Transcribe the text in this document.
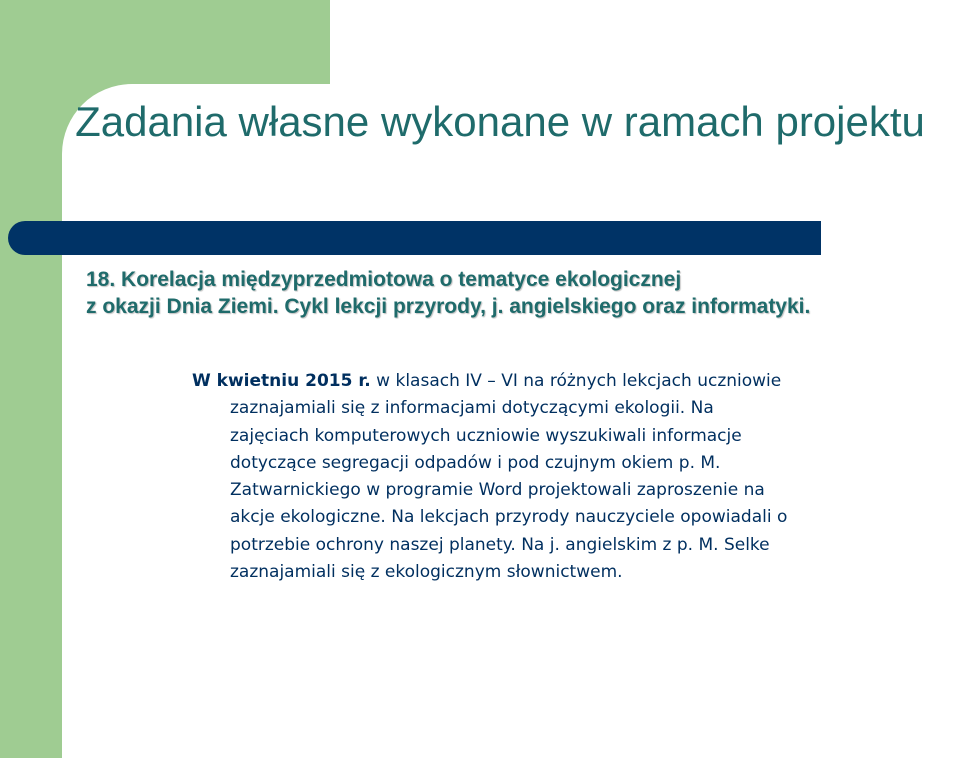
Zadania własne wykonane w ramach projektu
18. Korelacja międzyprzedmiotowa o tematyce ekologicznej
z okazji Dnia Ziemi. Cykl lekcji przyrody, j. angielskiego oraz informatyki.
W kwietniu 2015 r. w klasach IV – VI na różnych lekcjach uczniowie
zaznajamiali się z informacjami dotyczącymi ekologii. Na
zajęciach komputerowych uczniowie wyszukiwali informacje
dotyczące segregacji odpadów i pod czujnym okiem p. M.
Zatwarnickiego w programie Word projektowali zaproszenie na
akcje ekologiczne. Na lekcjach przyrody nauczyciele opowiadali o
potrzebie ochrony naszej planety. Na j. angielskim z p. M. Selke
zaznajamiali się z ekologicznym słownictwem.
